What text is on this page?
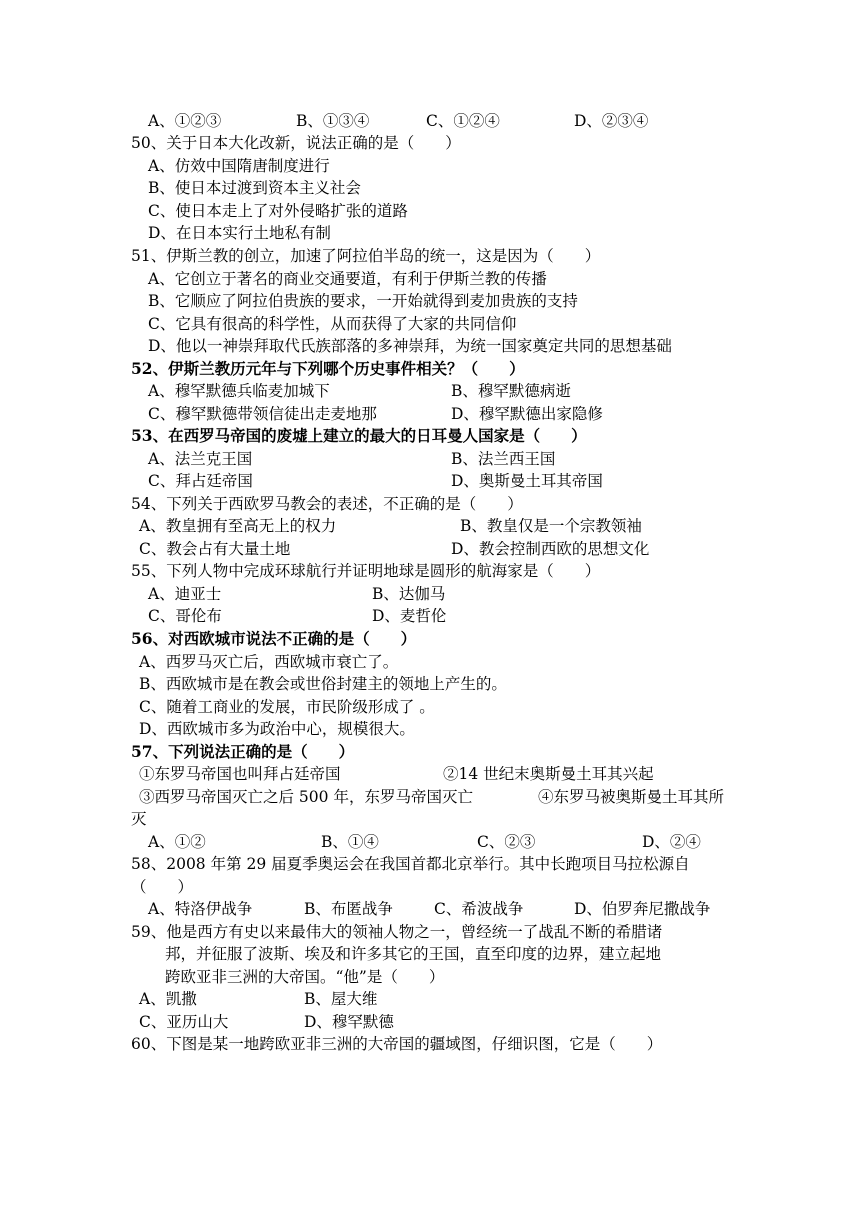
A、①②③	B、①③④	C、①②④	D、②③④
50、关于日本大化改新，说法正确的是（　　）
A、仿效中国隋唐制度进行
B、使日本过渡到资本主义社会
C、使日本走上了对外侵略扩张的道路
D、在日本实行土地私有制
51、伊斯兰教的创立，加速了阿拉伯半岛的统一，这是因为（　　）
A、它创立于著名的商业交通要道，有利于伊斯兰教的传播
B、它顺应了阿拉伯贵族的要求，一开始就得到麦加贵族的支持
C、它具有很高的科学性，从而获得了大家的共同信仰
D、他以一神崇拜取代氏族部落的多神崇拜，为统一国家奠定共同的思想基础
52、伊斯兰教历元年与下列哪个历史事件相关？（　　）
A、穆罕默德兵临麦加城下	B、穆罕默德病逝
C、穆罕默德带领信徒出走麦地那	D、穆罕默德出家隐修
53、在西罗马帝国的废墟上建立的最大的日耳曼人国家是（　　）
A、法兰克王国	B、法兰西王国
C、拜占廷帝国	D、奥斯曼土耳其帝国
54、下列关于西欧罗马教会的表述，不正确的是（　　）
A、教皇拥有至高无上的权力	B、教皇仅是一个宗教领袖
C、教会占有大量土地	D、教会控制西欧的思想文化
55、下列人物中完成环球航行并证明地球是圆形的航海家是（　　）
A、迪亚士	B、达伽马
C、哥伦布	D、麦哲伦
56、对西欧城市说法不正确的是（　　）
A、西罗马灭亡后，西欧城市衰亡了。
B、西欧城市是在教会或世俗封建主的领地上产生的。
C、随着工商业的发展，市民阶级形成了 。
D、西欧城市多为政治中心，规模很大。
57、下列说法正确的是（　　）
①东罗马帝国也叫拜占廷帝国	②14 世纪末奥斯曼土耳其兴起
③西罗马帝国灭亡之后 500 年，东罗马帝国灭亡	④东罗马被奥斯曼土耳其所
灭
A、①②	B、①④	C、②③	D、②④
58、2008 年第 29 届夏季奥运会在我国首都北京举行。其中长跑项目马拉松源自
（　　）
A、特洛伊战争	B、布匿战争	C、希波战争	D、伯罗奔尼撒战争
59、他是西方有史以来最伟大的领袖人物之一，曾经统一了战乱不断的希腊诸
邦，并征服了波斯、埃及和许多其它的王国，直至印度的边界，建立起地
跨欧亚非三洲的大帝国。“他”是（　　）
A、凯撒	B、屋大维
C、亚历山大	D、穆罕默德
60、下图是某一地跨欧亚非三洲的大帝国的疆域图，仔细识图，它是（　　）
